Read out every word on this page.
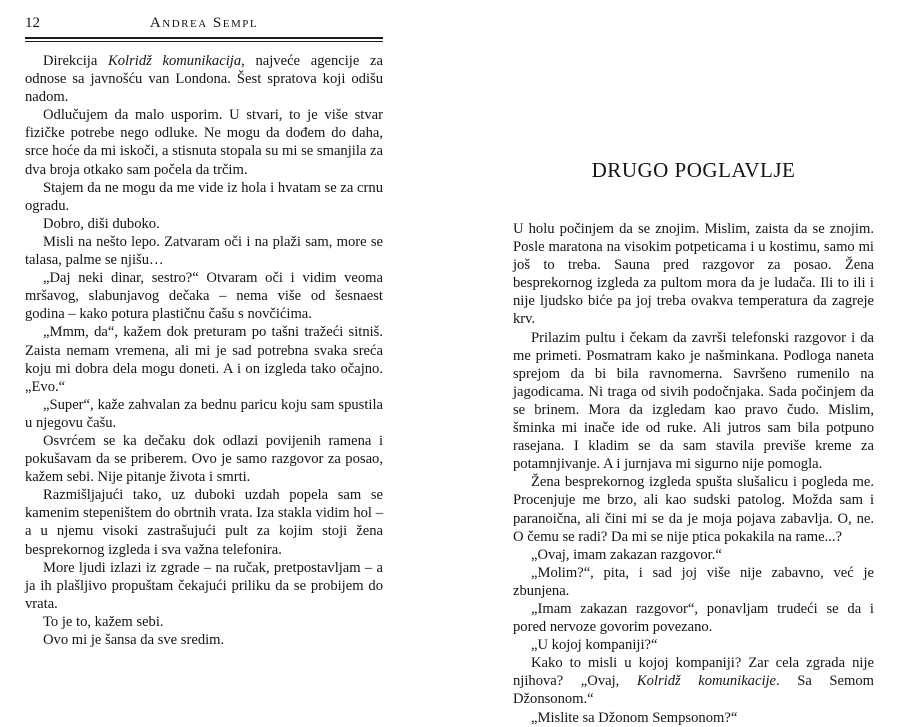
12	Andrea Sempl

Direkcija Kolridž komunikacija, najveće agencije za odnose sa javnošću van Londona. Šest spratova koji odišu nadom.

Odlučujem da malo usporim. U stvari, to je više stvar fizičke potrebe nego odluke. Ne mogu da dođem do daha, srce hoće da mi iskoči, a stisnuta stopala su mi se smanjila za dva broja otkako sam počela da trčim.

Stajem da ne mogu da me vide iz hola i hvatam se za crnu ogradu.

Dobro, diši duboko.

Misli na nešto lepo. Zatvaram oči i na plaži sam, more se talasa, palme se njišu…

„Daj neki dinar, sestro?“ Otvaram oči i vidim veoma mršavog, slabunjavog dečaka – nema više od šesnaest godina – kako potura plastičnu čašu s novčićima.

„Mmm, da“, kažem dok preturam po tašni tražeći sitniš. Zaista nemam vremena, ali mi je sad potrebna svaka sreća koju mi dobra dela mogu doneti. A i on izgleda tako očajno. „Evo.“

„Super“, kaže zahvalan za bednu paricu koju sam spustila u njegovu čašu.

Osvrćem se ka dečaku dok odlazi povijenih ramena i pokušavam da se priberem. Ovo je samo razgovor za posao, kažem sebi. Nije pitanje života i smrti.

Razmišljajući tako, uz duboki uzdah popela sam se kamenim stepeništem do obrtnih vrata. Iza stakla vidim hol – a u njemu visoki zastrašujući pult za kojim stoji žena besprekornog izgleda i sva važna telefonira.

More ljudi izlazi iz zgrade – na ručak, pretpostavljam – a ja ih plašljivo propuštam čekajući priliku da se probijem do vrata.

To je to, kažem sebi.

Ovo mi je šansa da sve sredim.

DRUGO POGLAVLJE

U holu počinjem da se znojim. Mislim, zaista da se znojim. Posle maratona na visokim potpeticama i u kostimu, samo mi još to treba. Sauna pred razgovor za posao. Žena besprekornog izgleda za pultom mora da je ludača. Ili to ili i nije ljudsko biće pa joj treba ovakva temperatura da zagreje krv.

Prilazim pultu i čekam da završi telefonski razgovor i da me primeti. Posmatram kako je našminkana. Podloga naneta sprejom da bi bila ravnomerna. Savršeno rumenilo na jagodicama. Ni traga od sivih podočnjaka. Sada počinjem da se brinem. Mora da izgledam kao pravo čudo. Mislim, šminka mi inače ide od ruke. Ali jutros sam bila potpuno rasejana. I kladim se da sam stavila previše kreme za potamnjivanje. A i jurnjava mi sigurno nije pomogla.

Žena besprekornog izgleda spušta slušalicu i pogleda me. Procenjuje me brzo, ali kao sudski patolog. Možda sam i paranoična, ali čini mi se da je moja pojava zabavlja. O, ne. O čemu se radi? Da mi se nije ptica pokakila na rame...?

„Ovaj, imam zakazan razgovor.“

„Molim?“, pita, i sad joj više nije zabavno, već je zbunjena.

„Imam zakazan razgovor“, ponavljam trudeći se da i pored nervoze govorim povezano.

„U kojoj kompaniji?“

Kako to misli u kojoj kompaniji? Zar cela zgrada nije njihova? „Ovaj, Kolridž komunikacije. Sa Semom Džonsonom.“

„Mislite sa Džonom Sempsonom?“
